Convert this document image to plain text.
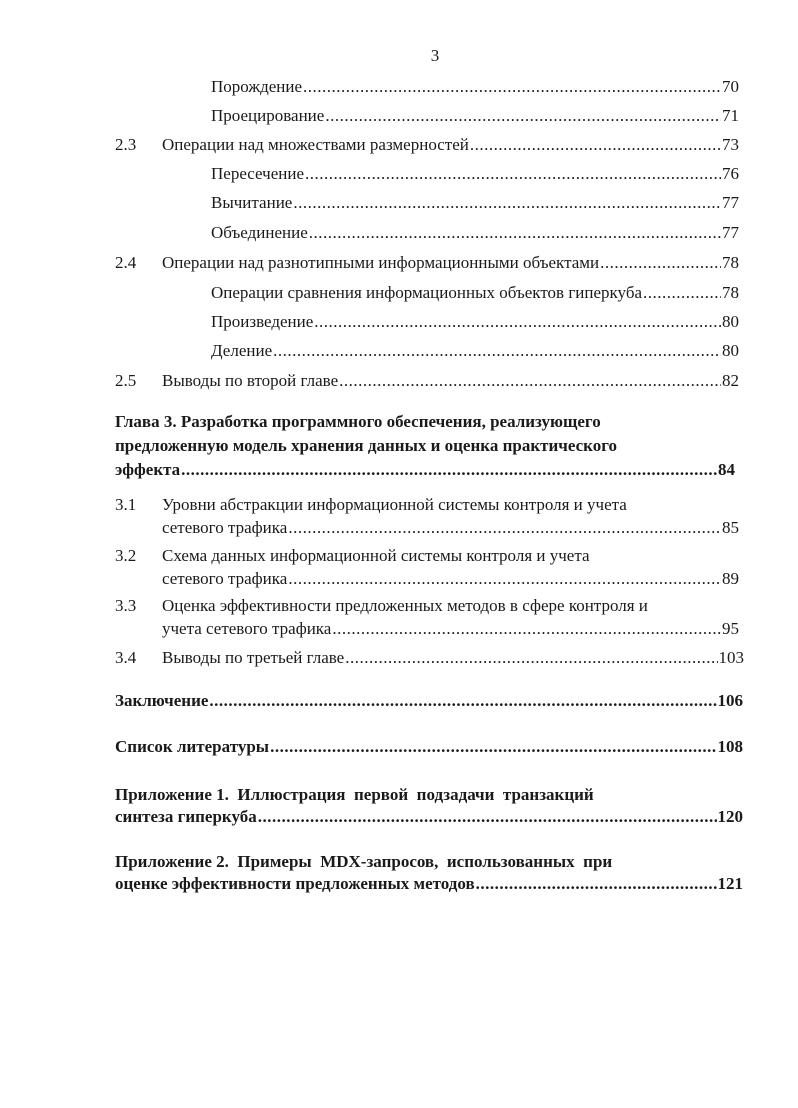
3
Порождение .....	70
Проецирование .....	71
2.3 Операции над множествами размерностей .....	73
Пересечение .....	76
Вычитание .....	77
Объединение .....	77
2.4 Операции над разнотипными информационными объектами .....	78
Операции сравнения информационных объектов гиперкуба .....	78
Произведение .....	80
Деление .....	80
2.5 Выводы по второй главе .....	82
Глава 3. Разработка программного обеспечения, реализующего
предложенную модель хранения данных и оценка практического
эффекта .....	84
3.1 Уровни абстракции информационной системы контроля и учета
сетевого трафика .....	85
3.2 Схема данных информационной системы контроля и учета
сетевого трафика .....	89
3.3 Оценка эффективности предложенных методов в сфере контроля и
учета сетевого трафика .....	95
3.4 Выводы по третьей главе .....	103
Заключение .....	106
Список литературы .....	108
Приложение 1.  Иллюстрация  первой  подзадачи  транзакций
синтеза гиперкуба .....	120
Приложение 2.  Примеры  MDX-запросов,  использованных  при
оценке эффективности предложенных методов .....	121
